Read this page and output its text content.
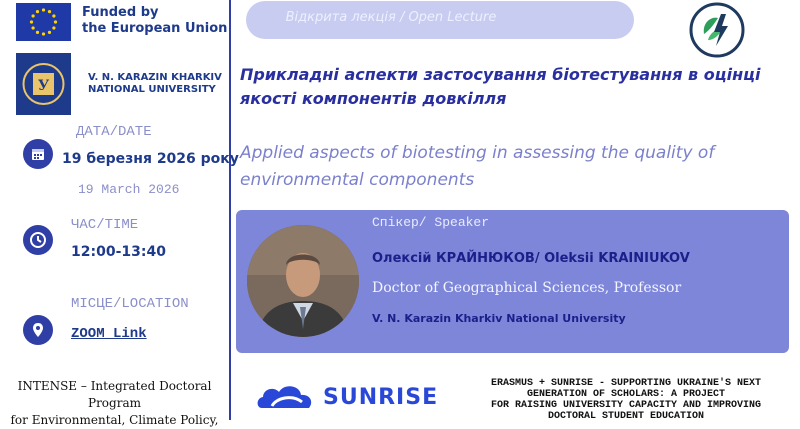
Funded by
the European Union
У
V. N. KARAZIN KHARKIV
NATIONAL UNIVERSITY
ДАТА/DATE
19 березня 2026 року
19 March 2026
ЧАС/TIME
12:00-13:40
МІСЦЕ/LOCATION
ZOOM Link
INTENSE – Integrated Doctoral Program
for Environmental, Climate Policy,
Відкрита лекція / Open Lecture
Прикладні аспекти застосування біотестування в оцінці якості компонентів довкілля
Applied aspects of biotesting in assessing the quality of environmental components
Спікер/ Speaker
Олексій КРАЙНЮКОВ/ Oleksii KRAINIUKOV
Doctor of Geographical Sciences, Professor
V. N. Karazin Kharkiv National University
SUNRISE
ERASMUS + SUNRISE - SUPPORTING UKRAINE'S NEXT
GENERATION OF SCHOLARS: A PROJECT
FOR RAISING UNIVERSITY CAPACITY AND IMPROVING
DOCTORAL STUDENT EDUCATION
